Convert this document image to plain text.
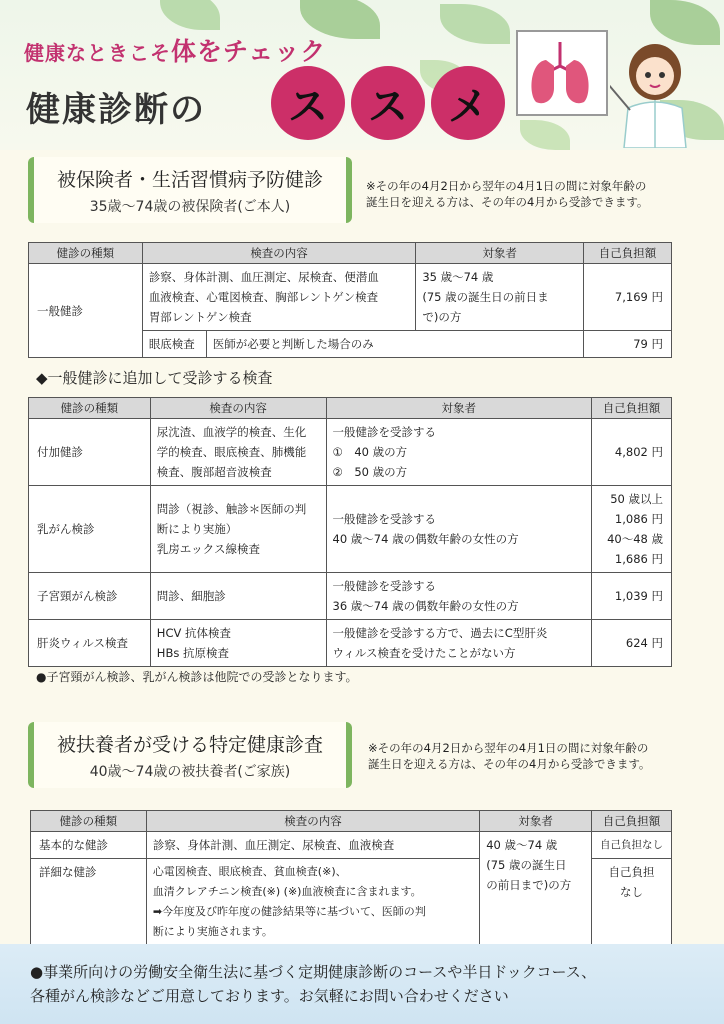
健康なときこそ体をチェック
健康診断の	ス	ス	メ
被保険者・生活習慣病予防健診
35歳～74歳の被保険者(ご本人)
※その年の4月2日から翌年の4月1日の間に対象年齢の
誕生日を迎える方は、その年の4月から受診できます。
健診の種類	検査の内容		対象者	自己負担額
一般健診	診察、身体計測、血圧測定、尿検査、便潜血
血液検査、心電図検査、胸部レントゲン検査
胃部レントゲン検査		35 歳～74 歳
(75 歳の誕生日の前日ま
で)の方	7,169 円
	眼底検査	医師が必要と判断した場合のみ		79 円
◆一般健診に追加して受診する検査
健診の種類	検査の内容	対象者	自己負担額
付加健診	尿沈渣、血液学的検査、生化
学的検査、眼底検査、肺機能
検査、腹部超音波検査	一般健診を受診する
①　40 歳の方
②　50 歳の方	4,802 円
乳がん検診	問診（視診、触診＊医師の判
断により実施）
乳房エックス線検査	一般健診を受診する
40 歳～74 歳の偶数年齢の女性の方	50 歳以上
1,086 円
40～48 歳
1,686 円

子宮頸がん検診	問診、細胞診	一般健診を受診する
36 歳～74 歳の偶数年齢の女性の方	1,039 円
肝炎ウィルス検査	HCV 抗体検査
HBs 抗原検査	一般健診を受診する方で、過去にC型肝炎
ウィルス検査を受けたことがない方	624 円
●子宮頸がん検診、乳がん検診は他院での受診となります。
被扶養者が受ける特定健康診査
40歳～74歳の被扶養者(ご家族)
※その年の4月2日から翌年の4月1日の間に対象年齢の
誕生日を迎える方は、その年の4月から受診できます。
健診の種類	検査の内容	対象者	自己負担額
基本的な健診	診察、身体計測、血圧測定、尿検査、血液検査	40 歳～74 歳
(75 歳の誕生日
の前日まで)の方	自己負担なし
詳細な健診	心電図検査、眼底検査、貧血検査(※)、
血清クレアチニン検査(※) (※)血液検査に含まれます。
➡今年度及び昨年度の健診結果等に基づいて、医師の判
断により実施されます。		自己負担
なし
●事業所向けの労働安全衛生法に基づく定期健康診断のコースや半日ドックコース、
各種がん検診などご用意しております。お気軽にお問い合わせください
